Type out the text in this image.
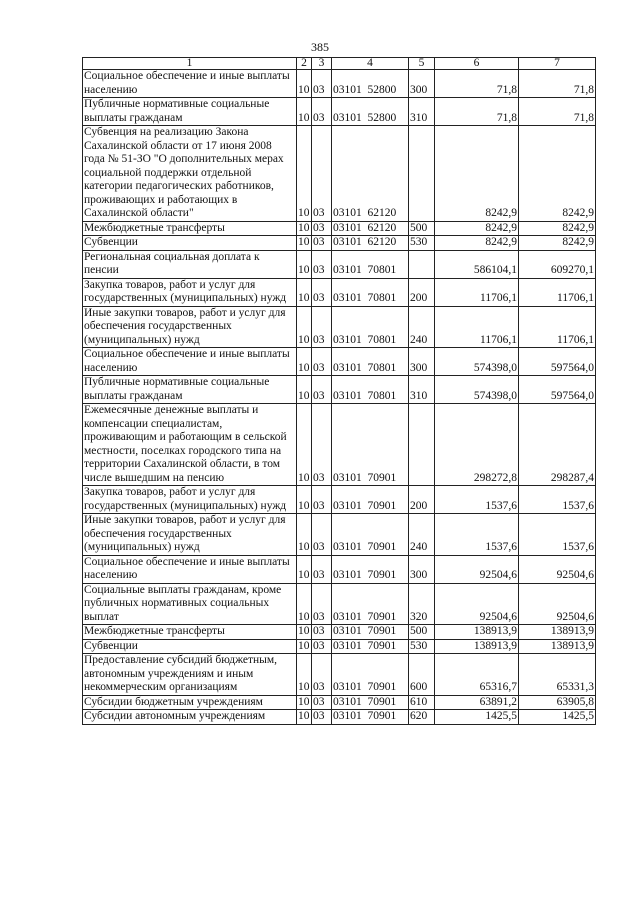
385
1	2	3	4	5	6	7
Социальное обеспечение и иные выплаты населению	10	03	03101  52800	300	71,8	71,8
Публичные нормативные социальные выплаты гражданам	10	03	03101  52800	310	71,8	71,8
Субвенция на реализацию Закона Сахалинской области от 17 июня 2008 года № 51-ЗО "О дополнительных мерах социальной поддержки отдельной категории педагогических работников, проживающих и работающих в Сахалинской области"	10	03	03101  62120		8242,9	8242,9
Межбюджетные трансферты	10	03	03101  62120	500	8242,9	8242,9
Субвенции	10	03	03101  62120	530	8242,9	8242,9
Региональная социальная доплата к пенсии	10	03	03101  70801		586104,1	609270,1
Закупка товаров, работ и услуг для государственных (муниципальных) нужд	10	03	03101  70801	200	11706,1	11706,1
Иные закупки товаров, работ и услуг для обеспечения государственных (муниципальных) нужд	10	03	03101  70801	240	11706,1	11706,1
Социальное обеспечение и иные выплаты населению	10	03	03101  70801	300	574398,0	597564,0
Публичные нормативные социальные выплаты гражданам	10	03	03101  70801	310	574398,0	597564,0
Ежемесячные денежные выплаты и компенсации специалистам, проживающим и работающим в сельской местности, поселках городского типа на территории Сахалинской области, в том числе вышедшим на пенсию	10	03	03101  70901		298272,8	298287,4
Закупка товаров, работ и услуг для государственных (муниципальных) нужд	10	03	03101  70901	200	1537,6	1537,6
Иные закупки товаров, работ и услуг для обеспечения государственных (муниципальных) нужд	10	03	03101  70901	240	1537,6	1537,6
Социальное обеспечение и иные выплаты населению	10	03	03101  70901	300	92504,6	92504,6
Социальные выплаты гражданам, кроме публичных нормативных социальных выплат	10	03	03101  70901	320	92504,6	92504,6
Межбюджетные трансферты	10	03	03101  70901	500	138913,9	138913,9
Субвенции	10	03	03101  70901	530	138913,9	138913,9
Предоставление субсидий бюджетным, автономным учреждениям и иным некоммерческим организациям	10	03	03101  70901	600	65316,7	65331,3
Субсидии бюджетным учреждениям	10	03	03101  70901	610	63891,2	63905,8
Субсидии автономным учреждениям	10	03	03101  70901	620	1425,5	1425,5
